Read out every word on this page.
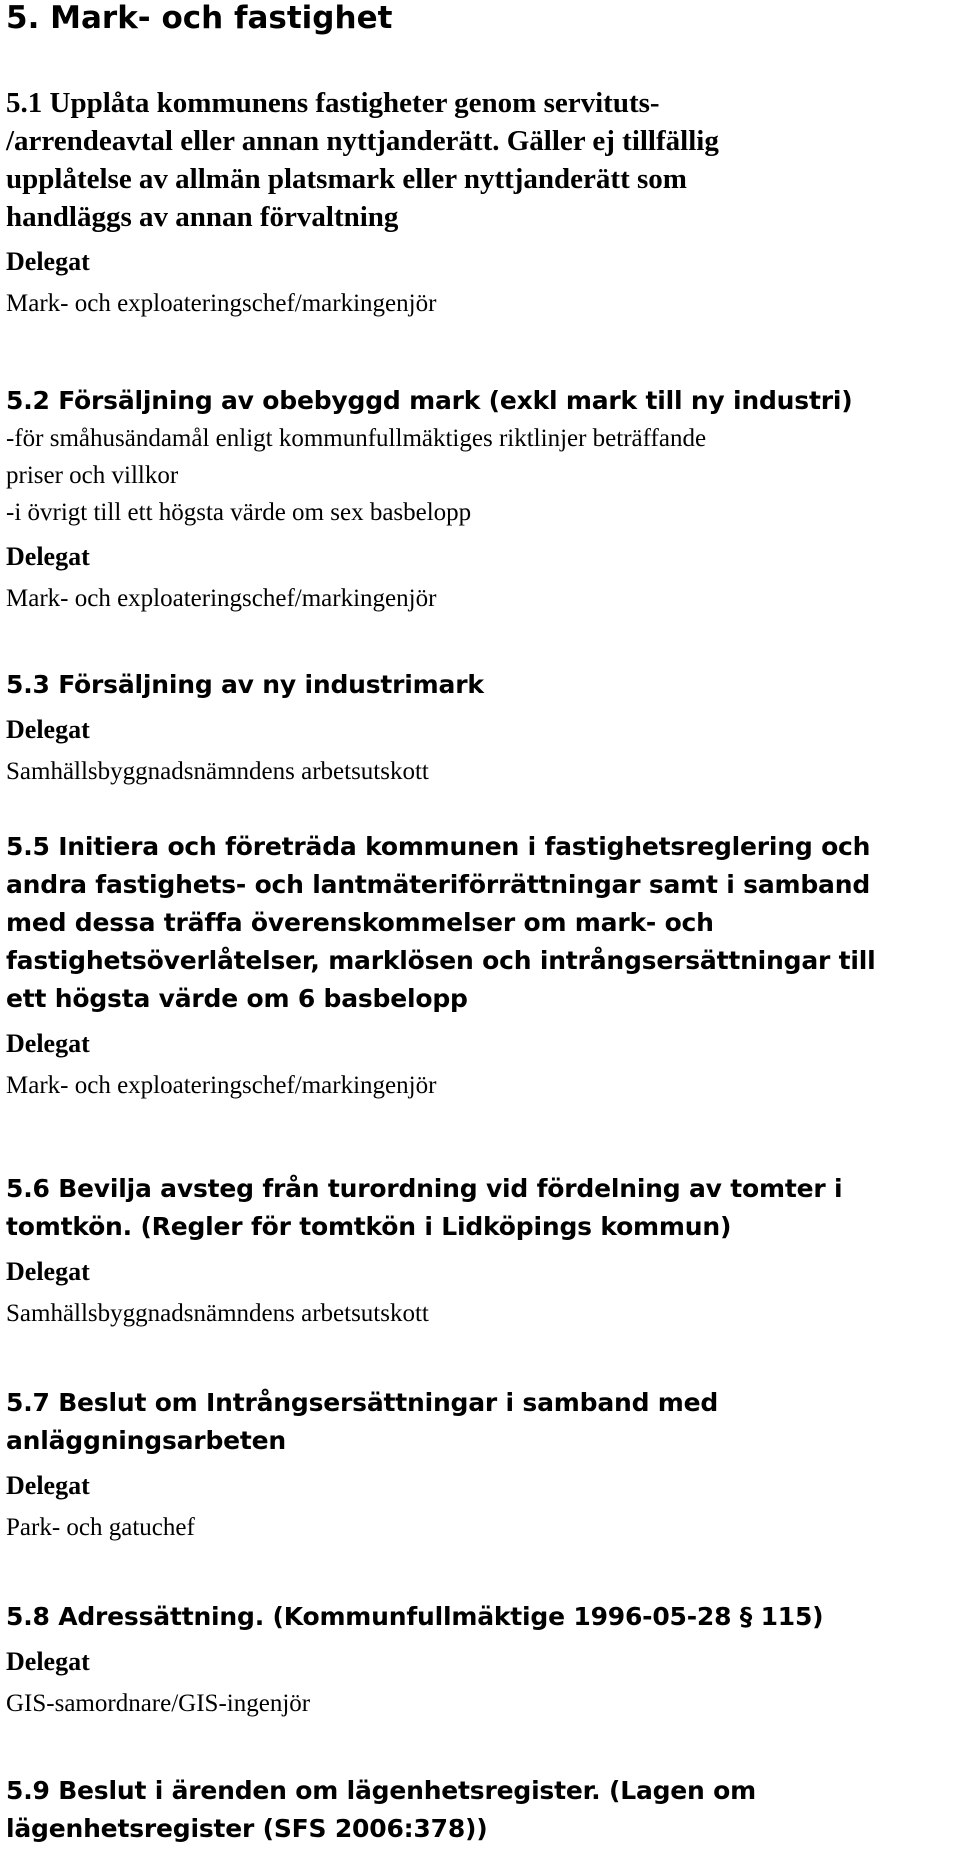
5. Mark- och fastighet

5.1 Upplåta kommunens fastigheter genom servituts-
/arrendeavtal eller annan nyttjanderätt. Gäller ej tillfällig
upplåtelse av allmän platsmark eller nyttjanderätt som
handläggs av annan förvaltning

Delegat

Mark- och exploateringschef/markingenjör

5.2 Försäljning av obebyggd mark (exkl mark till ny industri)

-för småhusändamål enligt kommunfullmäktiges riktlinjer beträffande
priser och villkor
-i övrigt till ett högsta värde om sex basbelopp

Delegat

Mark- och exploateringschef/markingenjör

5.3 Försäljning av ny industrimark

Delegat

Samhällsbyggnadsnämndens arbetsutskott

5.5 Initiera och företräda kommunen i fastighetsreglering och
andra fastighets- och lantmäteriförrättningar samt i samband
med dessa träffa överenskommelser om mark- och
fastighetsöverlåtelser, marklösen och intrångsersättningar till
ett högsta värde om 6 basbelopp

Delegat

Mark- och exploateringschef/markingenjör

5.6 Bevilja avsteg från turordning vid fördelning av tomter i
tomtkön. (Regler för tomtkön i Lidköpings kommun)

Delegat

Samhällsbyggnadsnämndens arbetsutskott

5.7 Beslut om Intrångsersättningar i samband med
anläggningsarbeten

Delegat

Park- och gatuchef

5.8 Adressättning. (Kommunfullmäktige 1996-05-28 § 115)

Delegat

GIS-samordnare/GIS-ingenjör

5.9 Beslut i ärenden om lägenhetsregister. (Lagen om
lägenhetsregister (SFS 2006:378))
